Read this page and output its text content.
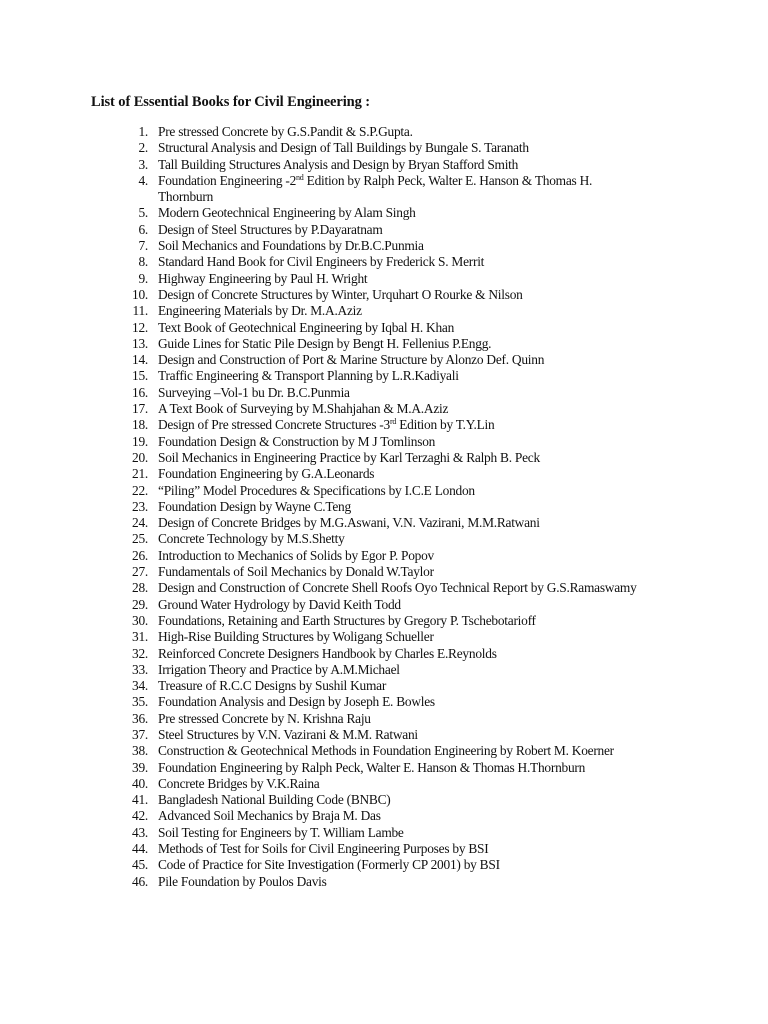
List of Essential Books for Civil Engineering :
1. Pre stressed Concrete by G.S.Pandit & S.P.Gupta.
2. Structural Analysis and Design of Tall Buildings by Bungale S. Taranath
3. Tall Building Structures Analysis and Design by Bryan Stafford Smith
4. Foundation Engineering -2nd Edition by Ralph Peck, Walter E. Hanson & Thomas H.
Thornburn
5. Modern Geotechnical Engineering by Alam Singh
6. Design of Steel Structures by P.Dayaratnam
7. Soil Mechanics and Foundations by Dr.B.C.Punmia
8. Standard Hand Book for Civil Engineers by Frederick S. Merrit
9. Highway Engineering by Paul H. Wright
10. Design of Concrete Structures by Winter, Urquhart O Rourke & Nilson
11. Engineering Materials by Dr. M.A.Aziz
12. Text Book of Geotechnical Engineering by Iqbal H. Khan
13. Guide Lines for Static Pile Design by Bengt H. Fellenius P.Engg.
14. Design and Construction of Port & Marine Structure by Alonzo Def. Quinn
15. Traffic Engineering & Transport Planning by L.R.Kadiyali
16. Surveying –Vol-1 bu Dr. B.C.Punmia
17. A Text Book of Surveying by M.Shahjahan & M.A.Aziz
18. Design of Pre stressed Concrete Structures -3rd Edition by T.Y.Lin
19. Foundation Design & Construction by M J Tomlinson
20. Soil Mechanics in Engineering Practice by Karl Terzaghi & Ralph B. Peck
21. Foundation Engineering by G.A.Leonards
22. “Piling” Model Procedures & Specifications by I.C.E London
23. Foundation Design by Wayne C.Teng
24. Design of Concrete Bridges by M.G.Aswani, V.N. Vazirani, M.M.Ratwani
25. Concrete Technology by M.S.Shetty
26. Introduction to Mechanics of Solids by Egor P. Popov
27. Fundamentals of Soil Mechanics by Donald W.Taylor
28. Design and Construction of Concrete Shell Roofs Oyo Technical Report by G.S.Ramaswamy
29. Ground Water Hydrology by David Keith Todd
30. Foundations, Retaining and Earth Structures by Gregory P. Tschebotarioff
31. High-Rise Building Structures by Woligang Schueller
32. Reinforced Concrete Designers Handbook by Charles E.Reynolds
33. Irrigation Theory and Practice by A.M.Michael
34. Treasure of R.C.C Designs by Sushil Kumar
35. Foundation Analysis and Design by Joseph E. Bowles
36. Pre stressed Concrete by N. Krishna Raju
37. Steel Structures by V.N. Vazirani & M.M. Ratwani
38. Construction & Geotechnical Methods in Foundation Engineering by Robert M. Koerner
39. Foundation Engineering by Ralph Peck, Walter E. Hanson & Thomas H.Thornburn
40. Concrete Bridges by V.K.Raina
41. Bangladesh National Building Code (BNBC)
42. Advanced Soil Mechanics by Braja M. Das
43. Soil Testing for Engineers by T. William Lambe
44. Methods of Test for Soils for Civil Engineering Purposes by BSI
45. Code of Practice for Site Investigation (Formerly CP 2001) by BSI
46. Pile Foundation by Poulos Davis
